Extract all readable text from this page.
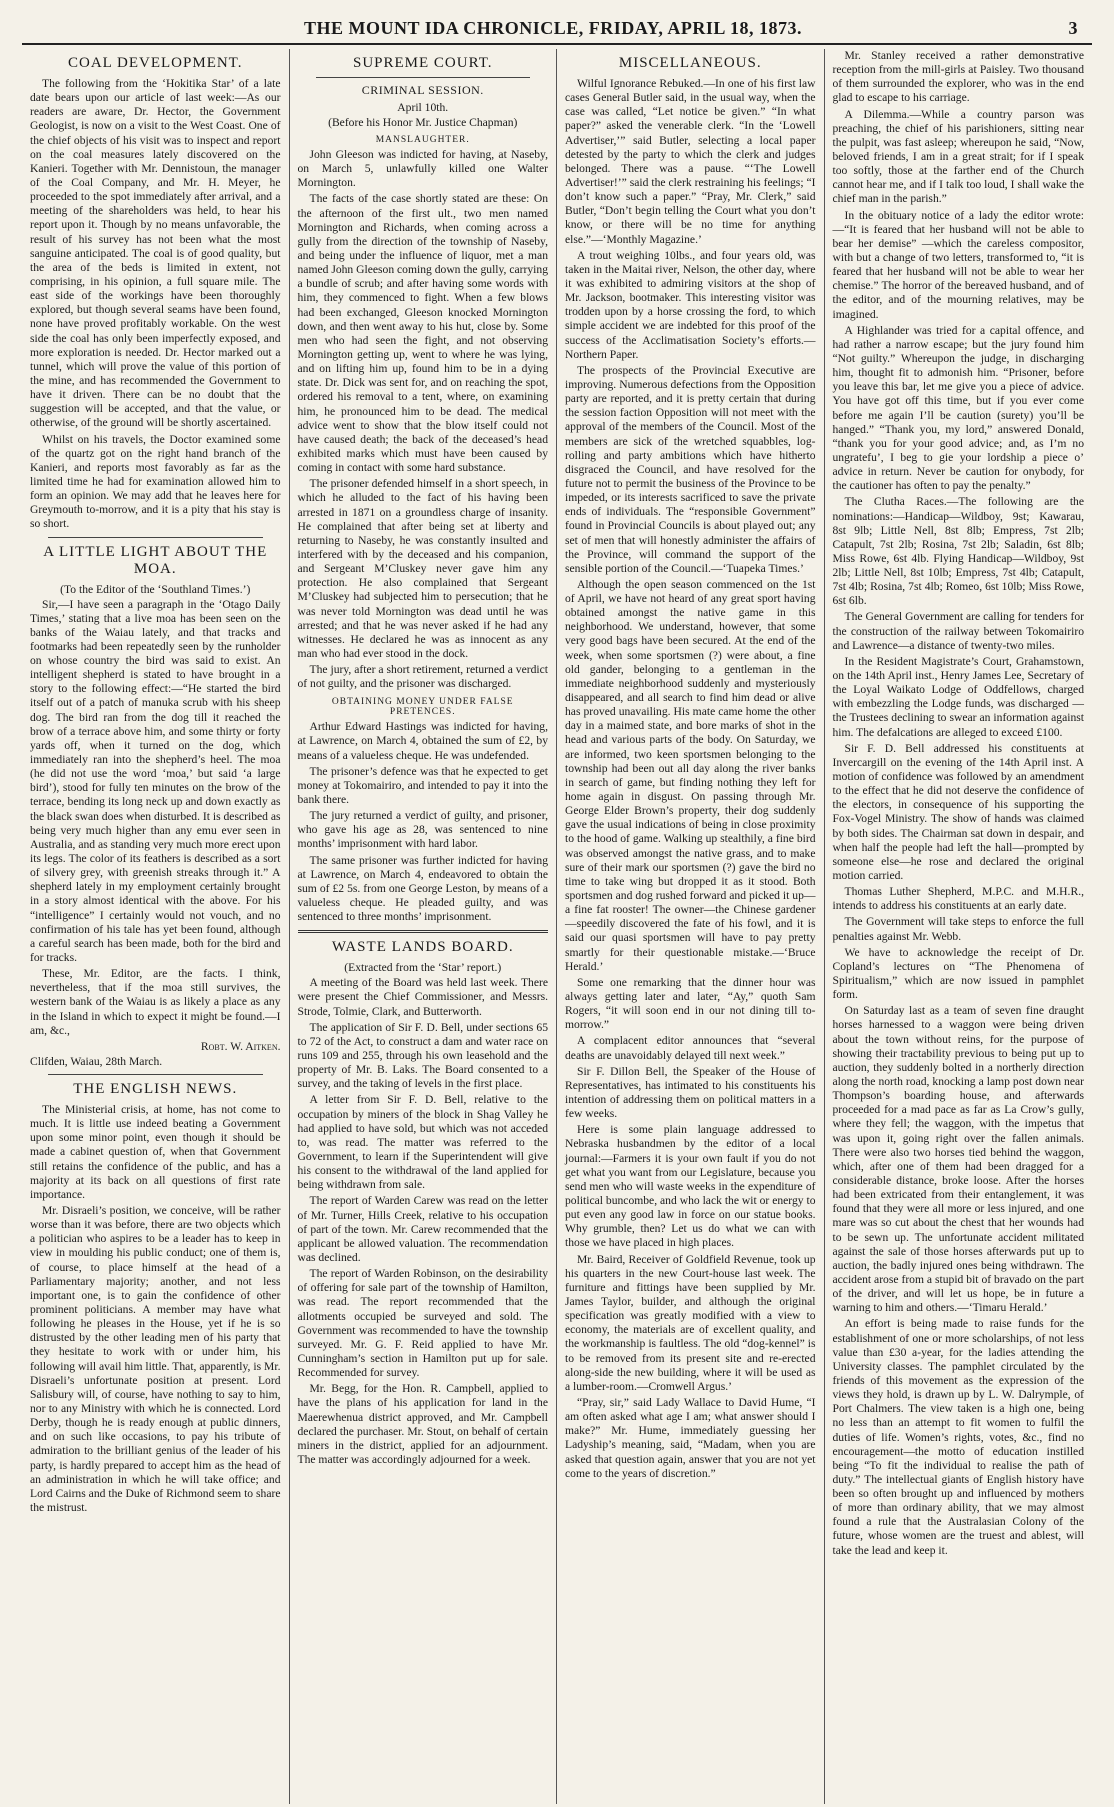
THE MOUNT IDA CHRONICLE, FRIDAY, APRIL 18, 1873.	3
COAL DEVELOPMENT.

The following from the ‘Hokitika Star’ of a late date bears upon our article of last week:—As our readers are aware, Dr. Hector, the Government Geologist, is now on a visit to the West Coast. One of the chief objects of his visit was to inspect and report on the coal measures lately discovered on the Kanieri. Together with Mr. Dennistoun, the manager of the Coal Company, and Mr. H. Meyer, he proceeded to the spot immediately after arrival, and a meeting of the shareholders was held, to hear his report upon it. Though by no means unfavorable, the result of his survey has not been what the most sanguine anticipated. The coal is of good quality, but the area of the beds is limited in extent, not comprising, in his opinion, a full square mile. The east side of the workings have been thoroughly explored, but though several seams have been found, none have proved profitably workable. On the west side the coal has only been imperfectly exposed, and more exploration is needed. Dr. Hector marked out a tunnel, which will prove the value of this portion of the mine, and has recommended the Government to have it driven. There can be no doubt that the suggestion will be accepted, and that the value, or otherwise, of the ground will be shortly ascertained.

Whilst on his travels, the Doctor examined some of the quartz got on the right hand branch of the Kanieri, and reports most favorably as far as the limited time he had for examination allowed him to form an opinion. We may add that he leaves here for Greymouth to-morrow, and it is a pity that his stay is so short.

A LITTLE LIGHT ABOUT THE MOA.
(To the Editor of the ‘Southland Times.’)

Sir,—I have seen a paragraph in the ‘Otago Daily Times,’ stating that a live moa has been seen on the banks of the Waiau lately, and that tracks and footmarks had been repeatedly seen by the runholder on whose country the bird was said to exist. An intelligent shepherd is stated to have brought in a story to the following effect:—“He started the bird itself out of a patch of manuka scrub with his sheep dog. The bird ran from the dog till it reached the brow of a terrace above him, and some thirty or forty yards off, when it turned on the dog, which immediately ran into the shepherd’s heel. The moa (he did not use the word ‘moa,’ but said ‘a large bird’), stood for fully ten minutes on the brow of the terrace, bending its long neck up and down exactly as the black swan does when disturbed. It is described as being very much higher than any emu ever seen in Australia, and as standing very much more erect upon its legs. The color of its feathers is described as a sort of silvery grey, with greenish streaks through it.” A shepherd lately in my employment certainly brought in a story almost identical with the above. For his “intelligence” I certainly would not vouch, and no confirmation of his tale has yet been found, although a careful search has been made, both for the bird and for tracks.

These, Mr. Editor, are the facts. I think, nevertheless, that if the moa still survives, the western bank of the Waiau is as likely a place as any in the Island in which to expect it might be found.—I am, &c.,

Robt. W. Aitken.

Clifden, Waiau, 28th March.

THE ENGLISH NEWS.

The Ministerial crisis, at home, has not come to much. It is little use indeed beating a Government upon some minor point, even though it should be made a cabinet question of, when that Government still retains the confidence of the public, and has a majority at its back on all questions of first rate importance.

Mr. Disraeli’s position, we conceive, will be rather worse than it was before, there are two objects which a politician who aspires to be a leader has to keep in view in moulding his public conduct; one of them is, of course, to place himself at the head of a Parliamentary majority; another, and not less important one, is to gain the confidence of other prominent politicians. A member may have what following he pleases in the House, yet if he is so distrusted by the other leading men of his party that they hesitate to work with or under him, his following will avail him little. That, apparently, is Mr. Disraeli’s unfortunate position at present. Lord Salisbury will, of course, have nothing to say to him, nor to any Ministry with which he is connected. Lord Derby, though he is ready enough at public dinners, and on such like occasions, to pay his tribute of admiration to the brilliant genius of the leader of his party, is hardly prepared to accept him as the head of an administration in which he will take office; and Lord Cairns and the Duke of Richmond seem to share the mistrust.

SUPREME COURT.
CRIMINAL SESSION.
April 10th.
(Before his Honor Mr. Justice Chapman)
MANSLAUGHTER.

John Gleeson was indicted for having, at Naseby, on March 5, unlawfully killed one Walter Mornington.

The facts of the case shortly stated are these: On the afternoon of the first ult., two men named Mornington and Richards, when coming across a gully from the direction of the township of Naseby, and being under the influence of liquor, met a man named John Gleeson coming down the gully, carrying a bundle of scrub; and after having some words with him, they commenced to fight. When a few blows had been exchanged, Gleeson knocked Mornington down, and then went away to his hut, close by. Some men who had seen the fight, and not observing Mornington getting up, went to where he was lying, and on lifting him up, found him to be in a dying state. Dr. Dick was sent for, and on reaching the spot, ordered his removal to a tent, where, on examining him, he pronounced him to be dead. The medical advice went to show that the blow itself could not have caused death; the back of the deceased’s head exhibited marks which must have been caused by coming in contact with some hard substance.

The prisoner defended himself in a short speech, in which he alluded to the fact of his having been arrested in 1871 on a groundless charge of insanity. He complained that after being set at liberty and returning to Naseby, he was constantly insulted and interfered with by the deceased and his companion, and Sergeant M’Cluskey never gave him any protection. He also complained that Sergeant M’Cluskey had subjected him to persecution; that he was never told Mornington was dead until he was arrested; and that he was never asked if he had any witnesses. He declared he was as innocent as any man who had ever stood in the dock.

The jury, after a short retirement, returned a verdict of not guilty, and the prisoner was discharged.

OBTAINING MONEY UNDER FALSE PRETENCES.

Arthur Edward Hastings was indicted for having, at Lawrence, on March 4, obtained the sum of £2, by means of a valueless cheque. He was undefended.

The prisoner’s defence was that he expected to get money at Tokomairiro, and intended to pay it into the bank there.

The jury returned a verdict of guilty, and prisoner, who gave his age as 28, was sentenced to nine months’ imprisonment with hard labor.

The same prisoner was further indicted for having at Lawrence, on March 4, endeavored to obtain the sum of £2 5s. from one George Leston, by means of a valueless cheque. He pleaded guilty, and was sentenced to three months’ imprisonment.

WASTE LANDS BOARD.
(Extracted from the ‘Star’ report.)

A meeting of the Board was held last week. There were present the Chief Commissioner, and Messrs. Strode, Tolmie, Clark, and Butterworth.

The application of Sir F. D. Bell, under sections 65 to 72 of the Act, to construct a dam and water race on runs 109 and 255, through his own leasehold and the property of Mr. B. Laks. The Board consented to a survey, and the taking of levels in the first place.

A letter from Sir F. D. Bell, relative to the occupation by miners of the block in Shag Valley he had applied to have sold, but which was not acceded to, was read. The matter was referred to the Government, to learn if the Superintendent will give his consent to the withdrawal of the land applied for being withdrawn from sale.

The report of Warden Carew was read on the letter of Mr. Turner, Hills Creek, relative to his occupation of part of the town. Mr. Carew recommended that the applicant be allowed valuation. The recommendation was declined.

The report of Warden Robinson, on the desirability of offering for sale part of the township of Hamilton, was read. The report recommended that the allotments occupied be surveyed and sold. The Government was recommended to have the township surveyed. Mr. G. F. Reid applied to have Mr. Cunningham’s section in Hamilton put up for sale. Recommended for survey.

Mr. Begg, for the Hon. R. Campbell, applied to have the plans of his application for land in the Maerewhenua district approved, and Mr. Campbell declared the purchaser. Mr. Stout, on behalf of certain miners in the district, applied for an adjournment. The matter was accordingly adjourned for a week.

MISCELLANEOUS.

Wilful Ignorance Rebuked.—In one of his first law cases General Butler said, in the usual way, when the case was called, “Let notice be given.” “In what paper?” asked the venerable clerk. “In the ‘Lowell Advertiser,’” said Butler, selecting a local paper detested by the party to which the clerk and judges belonged. There was a pause. “‘The Lowell Advertiser!’” said the clerk restraining his feelings; “I don’t know such a paper.” “Pray, Mr. Clerk,” said Butler, “Don’t begin telling the Court what you don’t know, or there will be no time for anything else.”—‘Monthly Magazine.’

A trout weighing 10lbs., and four years old, was taken in the Maitai river, Nelson, the other day, where it was exhibited to admiring visitors at the shop of Mr. Jackson, bootmaker. This interesting visitor was trodden upon by a horse crossing the ford, to which simple accident we are indebted for this proof of the success of the Acclimatisation Society’s efforts.—Northern Paper.

The prospects of the Provincial Executive are improving. Numerous defections from the Opposition party are reported, and it is pretty certain that during the session faction Opposition will not meet with the approval of the members of the Council. Most of the members are sick of the wretched squabbles, log-rolling and party ambitions which have hitherto disgraced the Council, and have resolved for the future not to permit the business of the Province to be impeded, or its interests sacrificed to save the private ends of individuals. The “responsible Government” found in Provincial Councils is about played out; any set of men that will honestly administer the affairs of the Province, will command the support of the sensible portion of the Council.—‘Tuapeka Times.’

Although the open season commenced on the 1st of April, we have not heard of any great sport having obtained amongst the native game in this neighborhood. We understand, however, that some very good bags have been secured. At the end of the week, when some sportsmen (?) were about, a fine old gander, belonging to a gentleman in the immediate neighborhood suddenly and mysteriously disappeared, and all search to find him dead or alive has proved unavailing. His mate came home the other day in a maimed state, and bore marks of shot in the head and various parts of the body. On Saturday, we are informed, two keen sportsmen belonging to the township had been out all day along the river banks in search of game, but finding nothing they left for home again in disgust. On passing through Mr. George Elder Brown’s property, their dog suddenly gave the usual indications of being in close proximity to the hood of game. Walking up stealthily, a fine bird was observed amongst the native grass, and to make sure of their mark our sportsmen (?) gave the bird no time to take wing but dropped it as it stood. Both sportsmen and dog rushed forward and picked it up—a fine fat rooster! The owner—the Chinese gardener—speedily discovered the fate of his fowl, and it is said our quasi sportsmen will have to pay pretty smartly for their questionable mistake.—‘Bruce Herald.’

Some one remarking that the dinner hour was always getting later and later, “Ay,” quoth Sam Rogers, “it will soon end in our not dining till to-morrow.”

A complacent editor announces that “several deaths are unavoidably delayed till next week.”

Sir F. Dillon Bell, the Speaker of the House of Representatives, has intimated to his constituents his intention of addressing them on political matters in a few weeks.

Here is some plain language addressed to Nebraska husbandmen by the editor of a local journal:—Farmers it is your own fault if you do not get what you want from our Legislature, because you send men who will waste weeks in the expenditure of political buncombe, and who lack the wit or energy to put even any good law in force on our statue books. Why grumble, then? Let us do what we can with those we have placed in high places.

Mr. Baird, Receiver of Goldfield Revenue, took up his quarters in the new Court-house last week. The furniture and fittings have been supplied by Mr. James Taylor, builder, and although the original specification was greatly modified with a view to economy, the materials are of excellent quality, and the workmanship is faultless. The old “dog-kennel” is to be removed from its present site and re-erected along-side the new building, where it will be used as a lumber-room.—Cromwell Argus.’

“Pray, sir,” said Lady Wallace to David Hume, “I am often asked what age I am; what answer should I make?” Mr. Hume, immediately guessing her Ladyship’s meaning, said, “Madam, when you are asked that question again, answer that you are not yet come to the years of discretion.”

Mr. Stanley received a rather demonstrative reception from the mill-girls at Paisley. Two thousand of them surrounded the explorer, who was in the end glad to escape to his carriage.

A Dilemma.—While a country parson was preaching, the chief of his parishioners, sitting near the pulpit, was fast asleep; whereupon he said, “Now, beloved friends, I am in a great strait; for if I speak too softly, those at the farther end of the Church cannot hear me, and if I talk too loud, I shall wake the chief man in the parish.”

In the obituary notice of a lady the editor wrote:—“It is feared that her husband will not be able to bear her demise” —which the careless compositor, with but a change of two letters, transformed to, “it is feared that her husband will not be able to wear her chemise.” The horror of the bereaved husband, and of the editor, and of the mourning relatives, may be imagined.

A Highlander was tried for a capital offence, and had rather a narrow escape; but the jury found him “Not guilty.” Whereupon the judge, in discharging him, thought fit to admonish him. “Prisoner, before you leave this bar, let me give you a piece of advice. You have got off this time, but if you ever come before me again I’ll be caution (surety) you’ll be hanged.” “Thank you, my lord,” answered Donald, “thank you for your good advice; and, as I’m no ungratefu’, I beg to gie your lordship a piece o’ advice in return. Never be caution for onybody, for the cautioner has often to pay the penalty.”

The Clutha Races.—The following are the nominations:—Handicap—Wildboy, 9st; Kawarau, 8st 9lb; Little Nell, 8st 8lb; Empress, 7st 2lb; Catapult, 7st 2lb; Rosina, 7st 2lb; Saladin, 6st 8lb; Miss Rowe, 6st 4lb. Flying Handicap—Wildboy, 9st 2lb; Little Nell, 8st 10lb; Empress, 7st 4lb; Catapult, 7st 4lb; Rosina, 7st 4lb; Romeo, 6st 10lb; Miss Rowe, 6st 6lb.

The General Government are calling for tenders for the construction of the railway between Tokomairiro and Lawrence—a distance of twenty-two miles.

In the Resident Magistrate’s Court, Grahamstown, on the 14th April inst., Henry James Lee, Secretary of the Loyal Waikato Lodge of Oddfellows, charged with embezzling the Lodge funds, was discharged — the Trustees declining to swear an information against him. The defalcations are alleged to exceed £100.

Sir F. D. Bell addressed his constituents at Invercargill on the evening of the 14th April inst. A motion of confidence was followed by an amendment to the effect that he did not deserve the confidence of the electors, in consequence of his supporting the Fox-Vogel Ministry. The show of hands was claimed by both sides. The Chairman sat down in despair, and when half the people had left the hall—prompted by someone else—he rose and declared the original motion carried.

Thomas Luther Shepherd, M.P.C. and M.H.R., intends to address his constituents at an early date.

The Government will take steps to enforce the full penalties against Mr. Webb.

We have to acknowledge the receipt of Dr. Copland’s lectures on “The Phenomena of Spiritualism,” which are now issued in pamphlet form.

On Saturday last as a team of seven fine draught horses harnessed to a waggon were being driven about the town without reins, for the purpose of showing their tractability previous to being put up to auction, they suddenly bolted in a northerly direction along the north road, knocking a lamp post down near Thompson’s boarding house, and afterwards proceeded for a mad pace as far as La Crow’s gully, where they fell; the waggon, with the impetus that was upon it, going right over the fallen animals. There were also two horses tied behind the waggon, which, after one of them had been dragged for a considerable distance, broke loose. After the horses had been extricated from their entanglement, it was found that they were all more or less injured, and one mare was so cut about the chest that her wounds had to be sewn up. The unfortunate accident militated against the sale of those horses afterwards put up to auction, the badly injured ones being withdrawn. The accident arose from a stupid bit of bravado on the part of the driver, and will let us hope, be in future a warning to him and others.—‘Timaru Herald.’

An effort is being made to raise funds for the establishment of one or more scholarships, of not less value than £30 a-year, for the ladies attending the University classes. The pamphlet circulated by the friends of this movement as the expression of the views they hold, is drawn up by L. W. Dalrymple, of Port Chalmers. The view taken is a high one, being no less than an attempt to fit women to fulfil the duties of life. Women’s rights, votes, &c., find no encouragement—the motto of education instilled being “To fit the individual to realise the path of duty.” The intellectual giants of English history have been so often brought up and influenced by mothers of more than ordinary ability, that we may almost found a rule that the Australasian Colony of the future, whose women are the truest and ablest, will take the lead and keep it.
